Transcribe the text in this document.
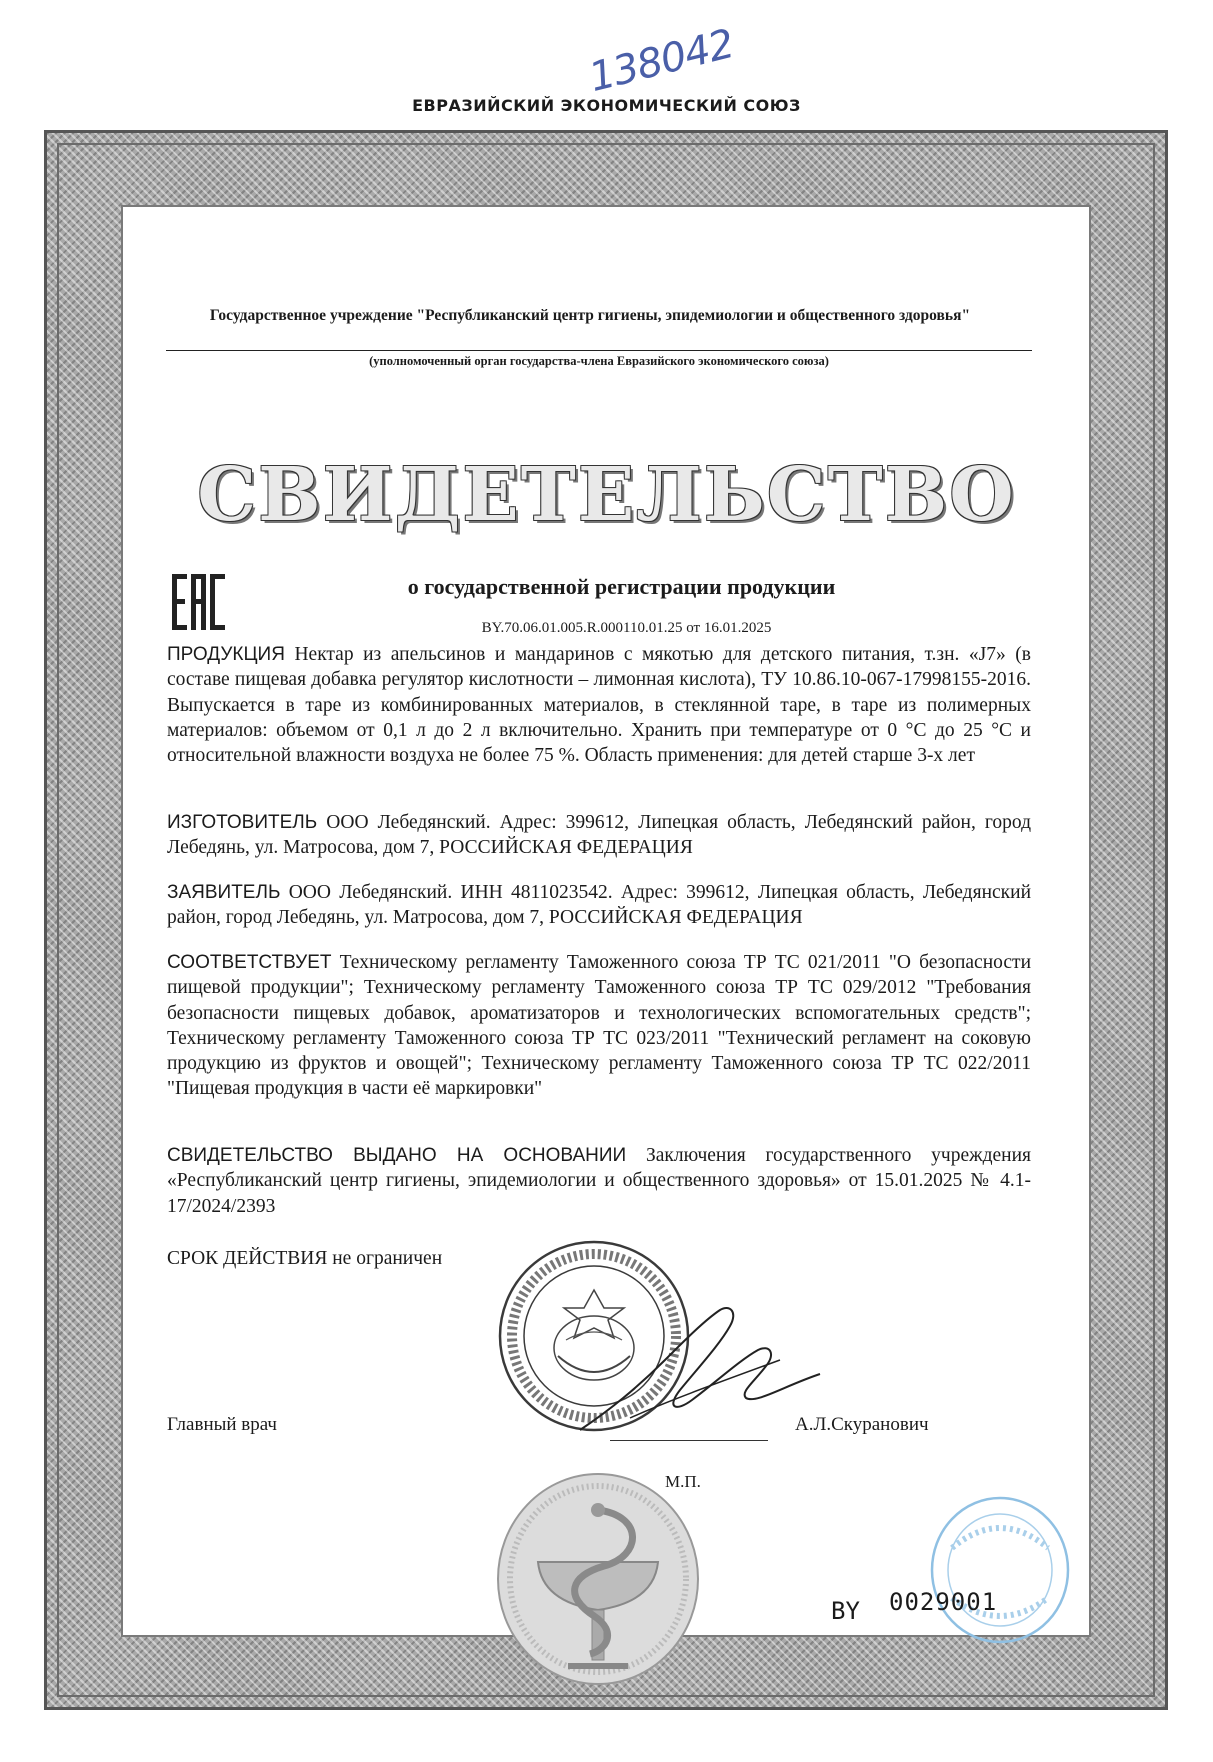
138042
ЕВРАЗИЙСКИЙ ЭКОНОМИЧЕСКИЙ СОЮЗ
Государственное учреждение "Республиканский центр гигиены, эпидемиологии и общественного здоровья"
(уполномоченный орган государства-члена Евразийского экономического союза)
СВИДЕТЕЛЬСТВО
о государственной регистрации продукции
BY.70.06.01.005.R.000110.01.25 от 16.01.2025
ПРОДУКЦИЯ Нектар из апельсинов и мандаринов с мякотью для детского питания, т.зн. «J7» (в составе пищевая добавка регулятор кислотности – лимонная кислота), ТУ 10.86.10-067-17998155-2016. Выпускается в таре из комбинированных материалов, в стеклянной таре, в таре из полимерных материалов: объемом от 0,1 л до 2 л включительно. Хранить при температуре от 0 °С до 25 °С и относительной влажности воздуха не более 75 %. Область применения: для детей старше 3-х лет
ИЗГОТОВИТЕЛЬ ООО Лебедянский. Адрес: 399612, Липецкая область, Лебедянский район, город Лебедянь, ул. Матросова, дом 7, РОССИЙСКАЯ ФЕДЕРАЦИЯ
ЗАЯВИТЕЛЬ ООО Лебедянский. ИНН 4811023542. Адрес: 399612, Липецкая область, Лебедянский район, город Лебедянь, ул. Матросова, дом 7, РОССИЙСКАЯ ФЕДЕРАЦИЯ
СООТВЕТСТВУЕТ Техническому регламенту Таможенного союза ТР ТС 021/2011 "О безопасности пищевой продукции"; Техническому регламенту Таможенного союза ТР ТС 029/2012 "Требования безопасности пищевых добавок, ароматизаторов и технологических вспомогательных средств"; Техническому регламенту Таможенного союза ТР ТС 023/2011 "Технический регламент на соковую продукцию из фруктов и овощей"; Техническому регламенту Таможенного союза ТР ТС 022/2011 "Пищевая продукция в части её маркировки"
СВИДЕТЕЛЬСТВО ВЫДАНО НА ОСНОВАНИИ Заключения государственного учреждения «Республиканский центр гигиены, эпидемиологии и общественного здоровья» от 15.01.2025 № 4.1-17/2024/2393
СРОК ДЕЙСТВИЯ не ограничен
Главный врач	А.Л.Скуранович
М.П.
BY 0029001
